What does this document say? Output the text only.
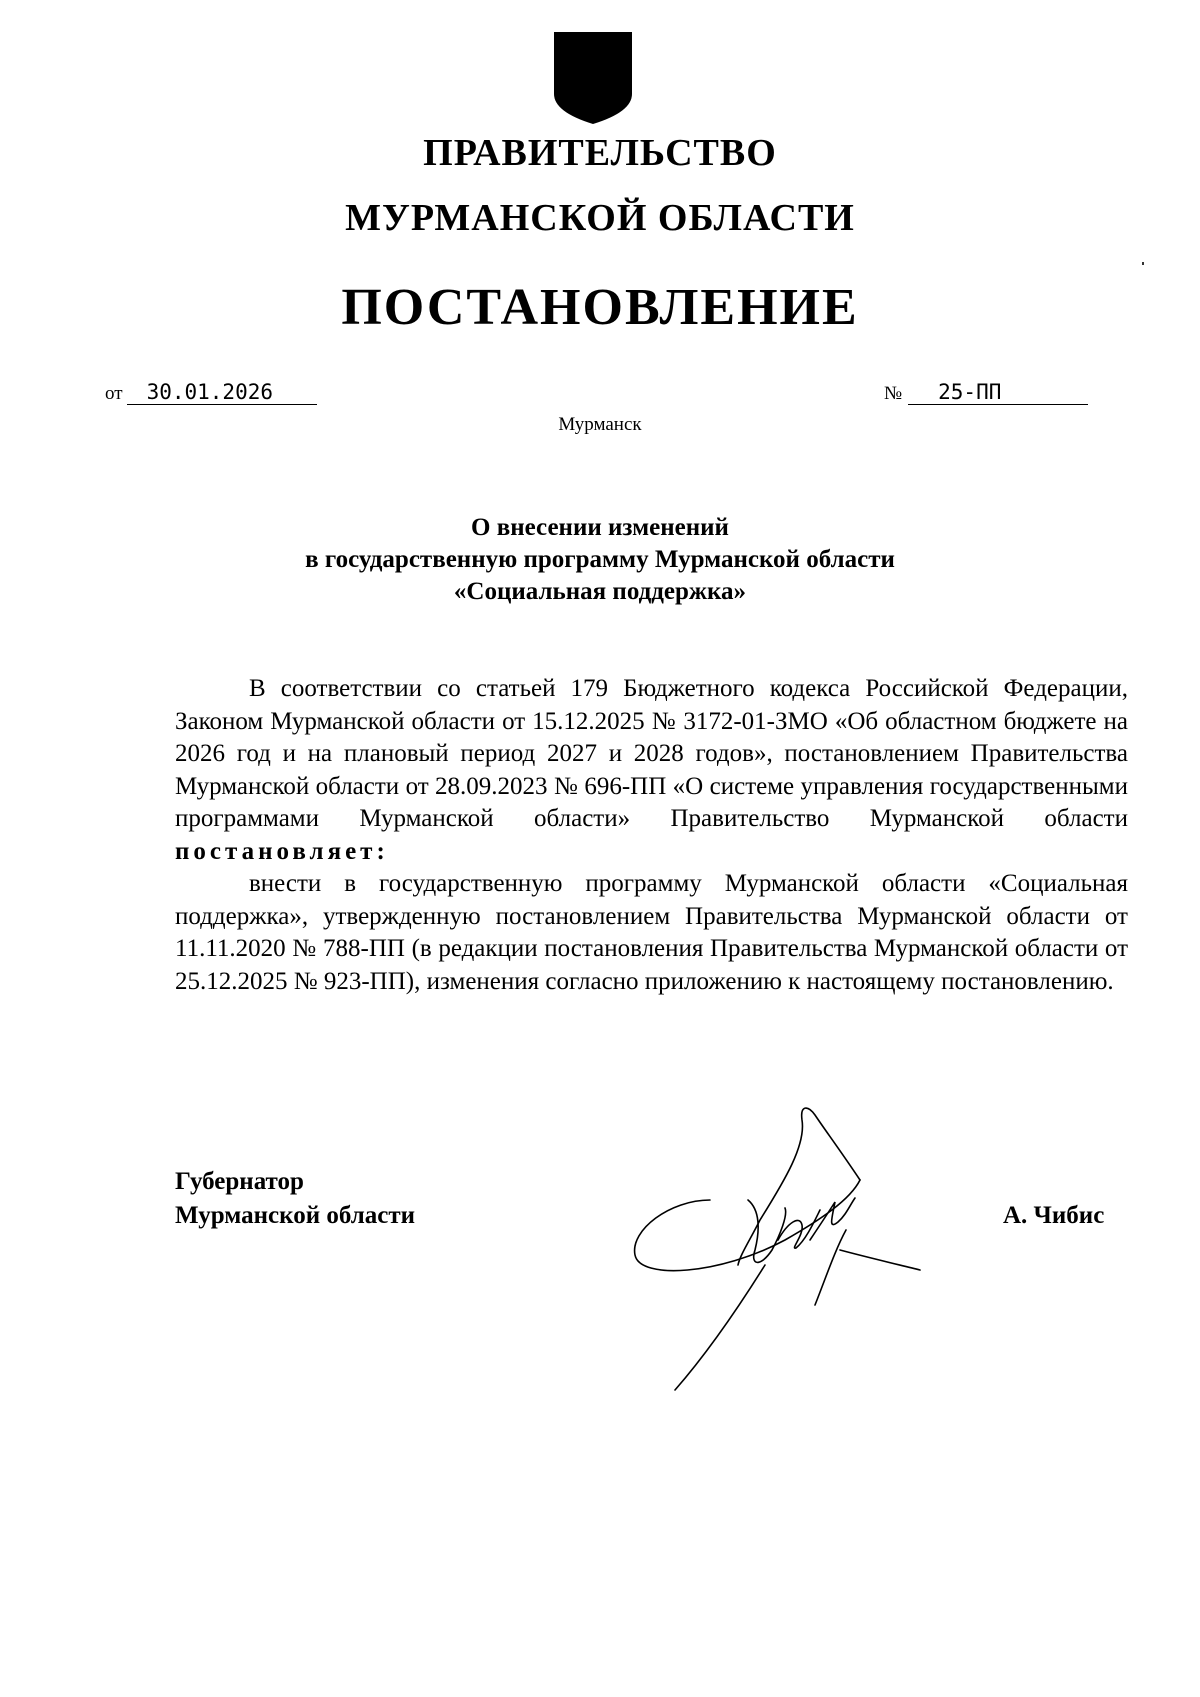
ПРАВИТЕЛЬСТВО
МУРМАНСКОЙ ОБЛАСТИ
ПОСТАНОВЛЕНИЕ
от 30.01.2026	№ 25-ПП
Мурманск
О внесении изменений
в государственную программу Мурманской области
«Социальная поддержка»

В соответствии со статьей 179 Бюджетного кодекса Российской Федерации, Законом Мурманской области от 15.12.2025 № 3172-01-ЗМО «Об областном бюджете на 2026 год и на плановый период 2027 и 2028 годов», постановлением Правительства Мурманской области от 28.09.2023 № 696-ПП «О системе управления государственными программами Мурманской области» Правительство Мурманской области постановляет:

внести в государственную программу Мурманской области «Социальная поддержка», утвержденную постановлением Правительства Мурманской области от 11.11.2020 № 788-ПП (в редакции постановления Правительства Мурманской области от 25.12.2025 № 923-ПП), изменения согласно приложению к настоящему постановлению.

Губернатор
Мурманской области	А. Чибис
